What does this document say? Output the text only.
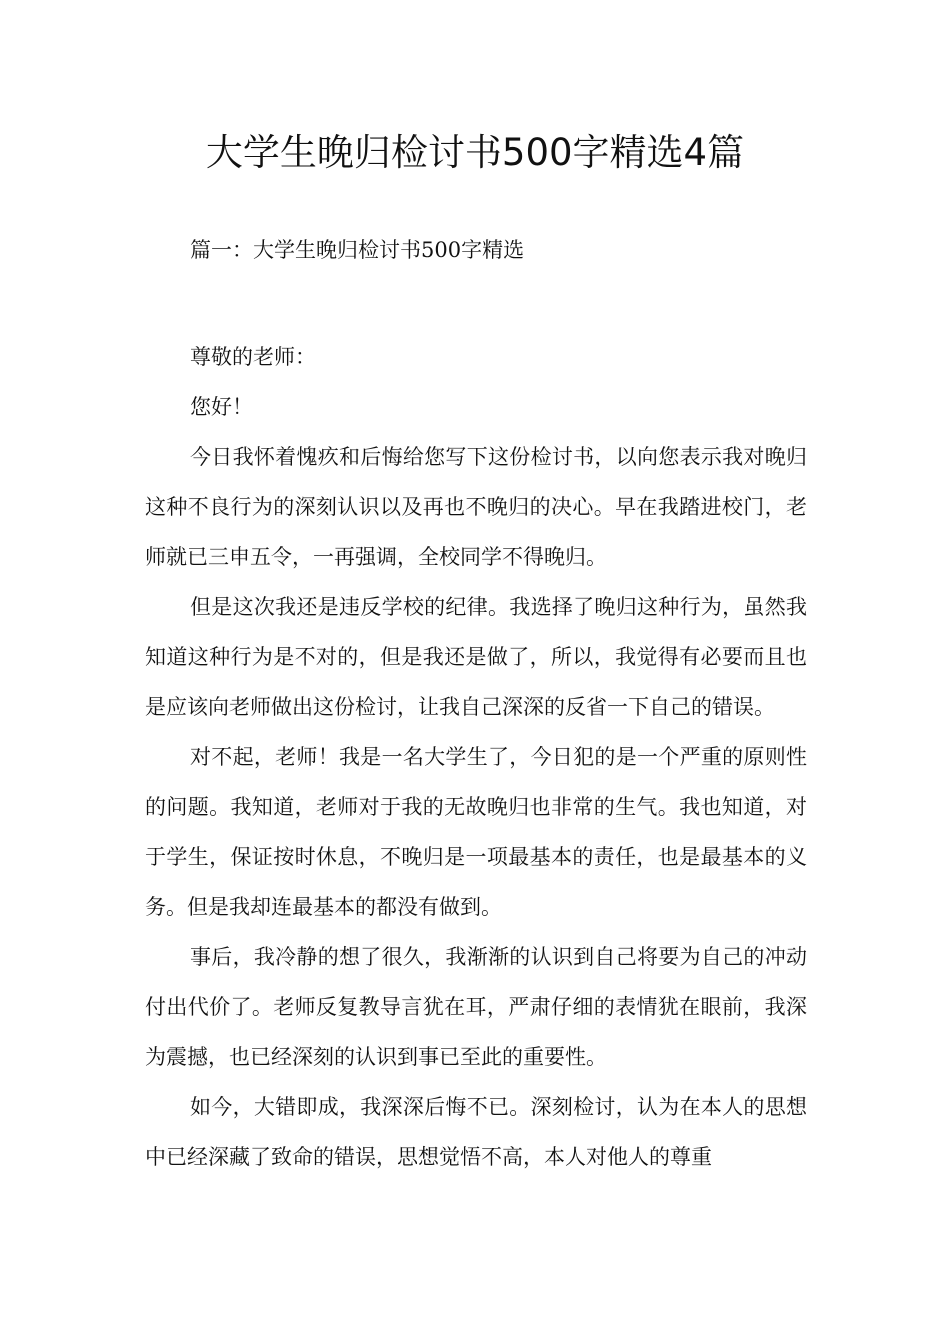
大学生晚归检讨书500字精选4篇

篇一：大学生晚归检讨书500字精选

尊敬的老师：

您好！

今日我怀着愧疚和后悔给您写下这份检讨书，以向您表示我对晚归这种不良行为的深刻认识以及再也不晚归的决心。早在我踏进校门，老师就已三申五令，一再强调，全校同学不得晚归。

但是这次我还是违反学校的纪律。我选择了晚归这种行为，虽然我知道这种行为是不对的，但是我还是做了，所以，我觉得有必要而且也是应该向老师做出这份检讨，让我自己深深的反省一下自己的错误。

对不起，老师！我是一名大学生了，今日犯的是一个严重的原则性的问题。我知道，老师对于我的无故晚归也非常的生气。我也知道，对于学生，保证按时休息，不晚归是一项最基本的责任，也是最基本的义务。但是我却连最基本的都没有做到。

事后，我冷静的想了很久，我渐渐的认识到自己将要为自己的冲动付出代价了。老师反复教导言犹在耳，严肃仔细的表情犹在眼前，我深为震撼，也已经深刻的认识到事已至此的重要性。

如今，大错即成，我深深后悔不已。深刻检讨，认为在本人的思想中已经深藏了致命的错误，思想觉悟不高，本人对他人的尊重
